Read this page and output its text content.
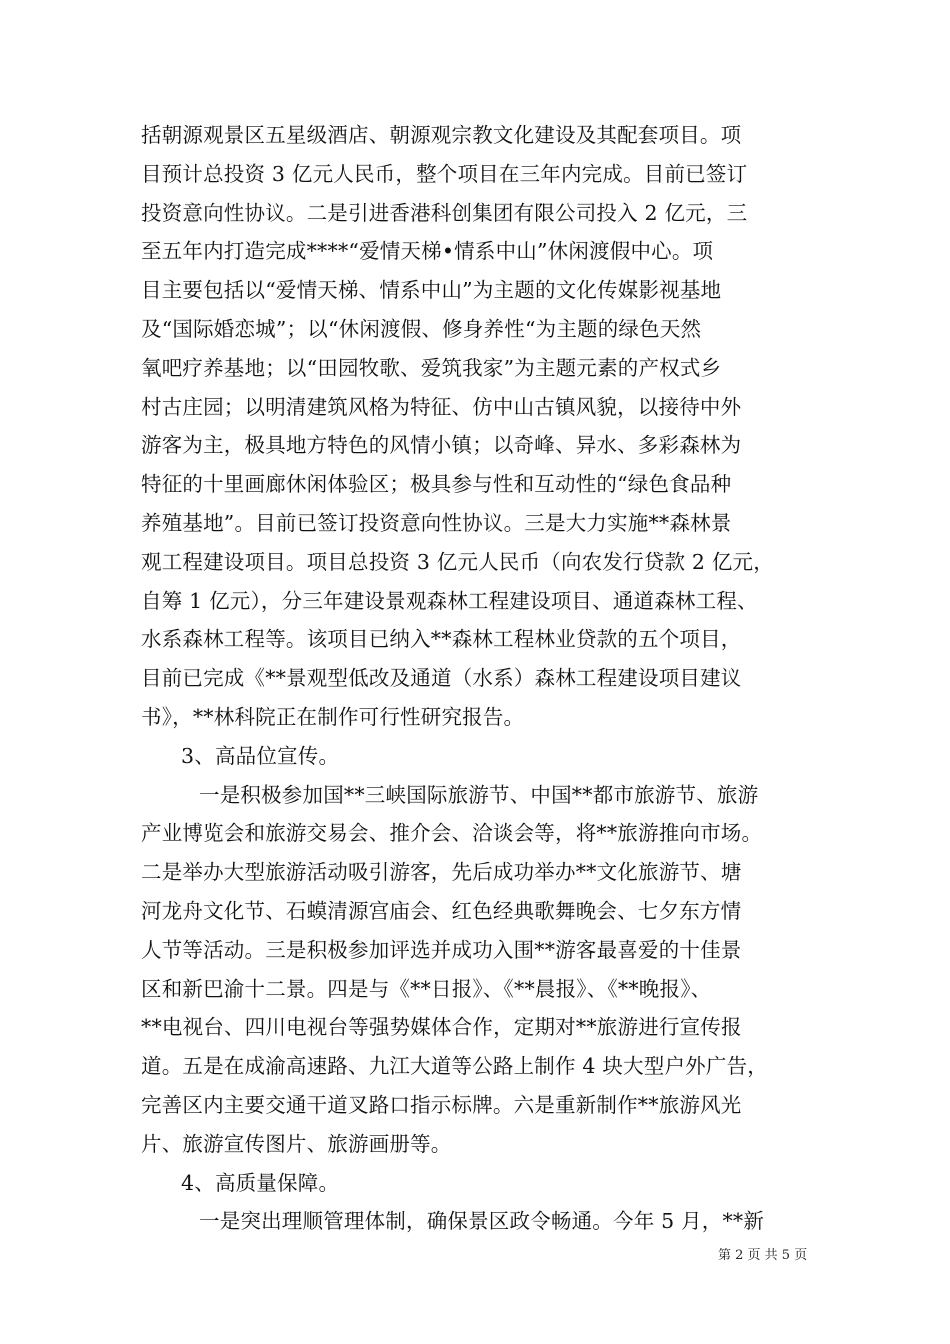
括朝源观景区五星级酒店、朝源观宗教文化建设及其配套项目。项
目预计总投资 3 亿元人民币，整个项目在三年内完成。目前已签订
投资意向性协议。二是引进香港科创集团有限公司投入 2 亿元，三
至五年内打造完成****“爱情天梯•情系中山”休闲渡假中心。项
目主要包括以“爱情天梯、情系中山”为主题的文化传媒影视基地
及“国际婚恋城”；以“休闲渡假、修身养性“为主题的绿色天然
氧吧疗养基地；以“田园牧歌、爱筑我家”为主题元素的产权式乡
村古庄园；以明清建筑风格为特征、仿中山古镇风貌，以接待中外
游客为主，极具地方特色的风情小镇；以奇峰、异水、多彩森林为
特征的十里画廊休闲体验区；极具参与性和互动性的“绿色食品种
养殖基地”。目前已签订投资意向性协议。三是大力实施**森林景
观工程建设项目。项目总投资 3 亿元人民币（向农发行贷款 2 亿元，
自筹 1 亿元），分三年建设景观森林工程建设项目、通道森林工程、
水系森林工程等。该项目已纳入**森林工程林业贷款的五个项目，
目前已完成《**景观型低改及通道（水系）森林工程建设项目建议
书》，**林科院正在制作可行性研究报告。
3、高品位宣传。
一是积极参加国**三峡国际旅游节、中国**都市旅游节、旅游
产业博览会和旅游交易会、推介会、洽谈会等，将**旅游推向市场。
二是举办大型旅游活动吸引游客，先后成功举办**文化旅游节、塘
河龙舟文化节、石蟆清源宫庙会、红色经典歌舞晚会、七夕东方情
人节等活动。三是积极参加评选并成功入围**游客最喜爱的十佳景
区和新巴渝十二景。四是与《**日报》、《**晨报》、《**晚报》、
**电视台、四川电视台等强势媒体合作，定期对**旅游进行宣传报
道。五是在成渝高速路、九江大道等公路上制作 4 块大型户外广告，
完善区内主要交通干道叉路口指示标牌。六是重新制作**旅游风光
片、旅游宣传图片、旅游画册等。
4、高质量保障。
一是突出理顺管理体制，确保景区政令畅通。今年 5 月，**新
第 2 页 共 5 页
